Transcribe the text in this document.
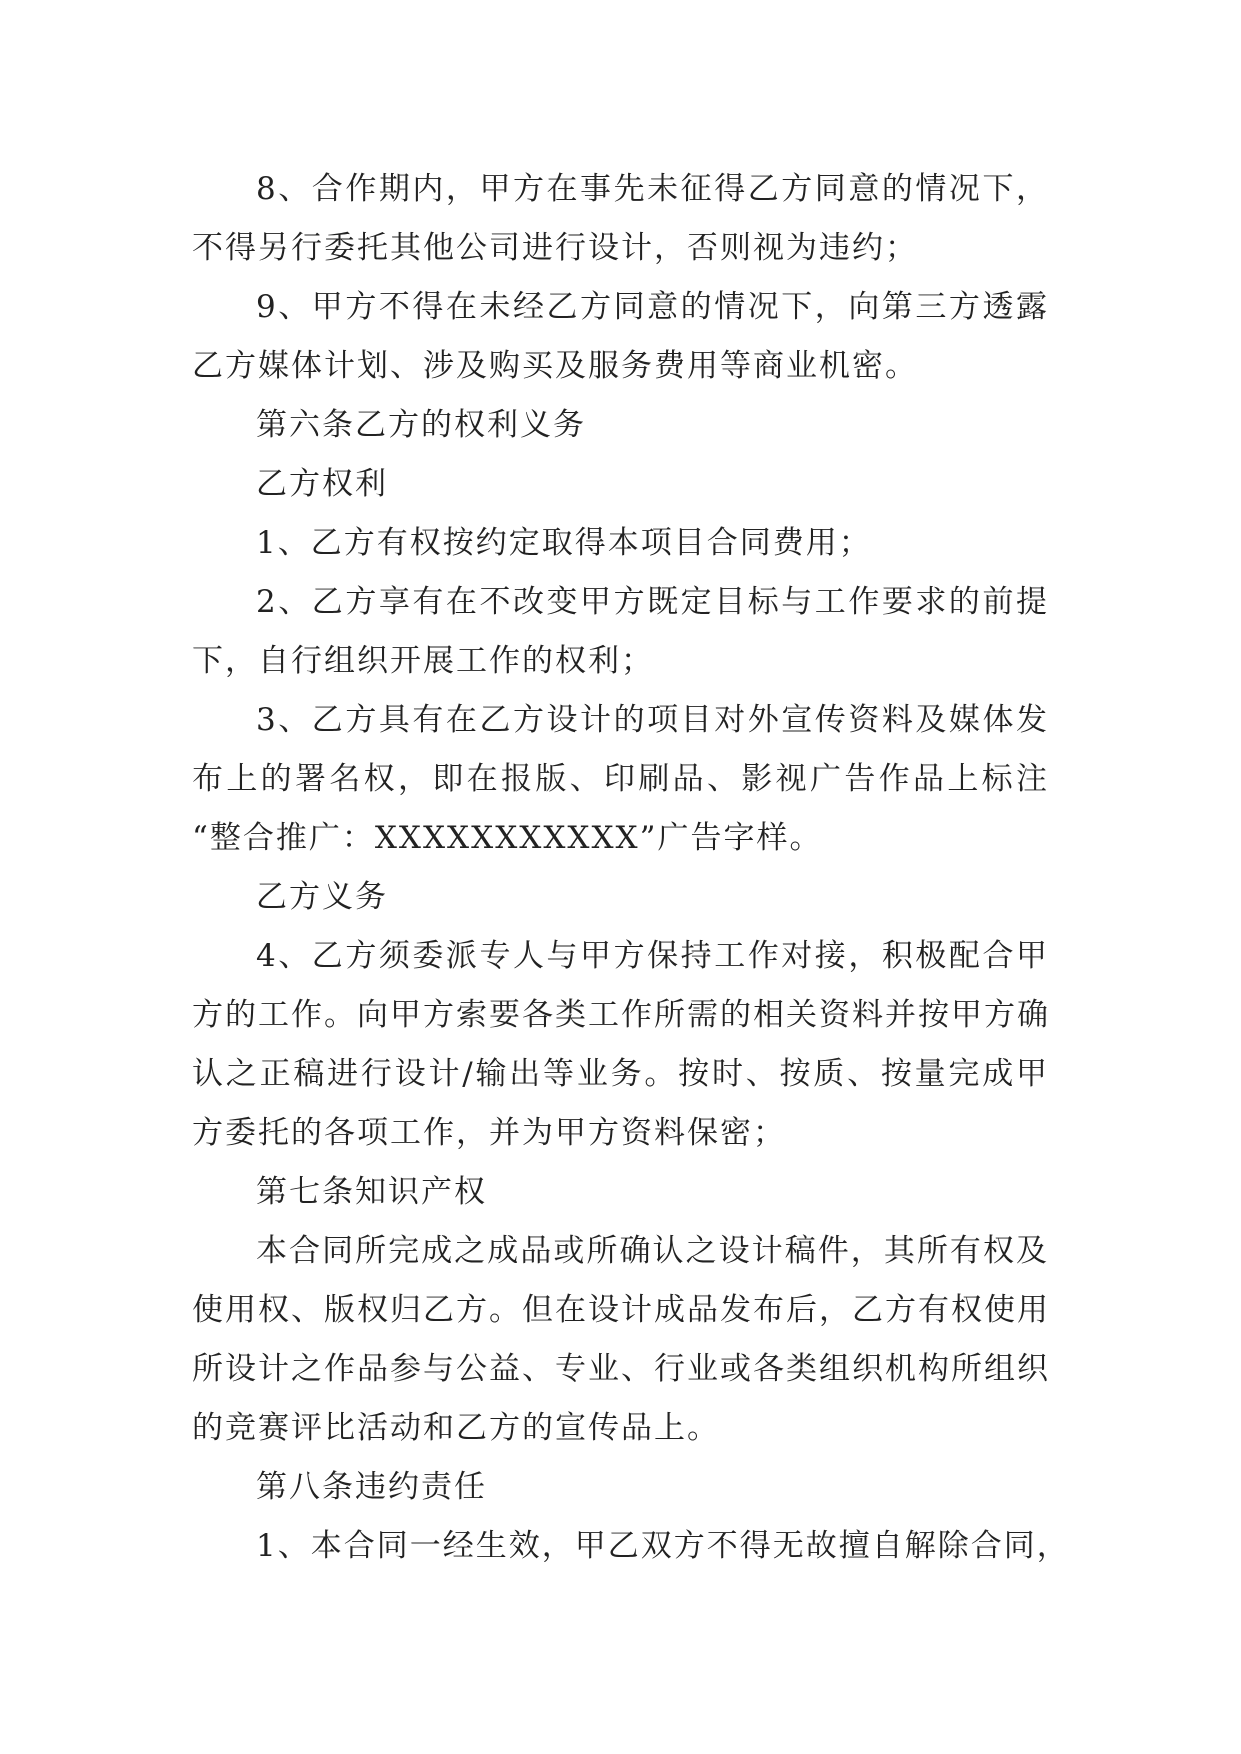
8、合作期内，甲方在事先未征得乙方同意的情况下，
不得另行委托其他公司进行设计，否则视为违约；
9、甲方不得在未经乙方同意的情况下，向第三方透露
乙方媒体计划、涉及购买及服务费用等商业机密。
第六条乙方的权利义务
乙方权利
1、乙方有权按约定取得本项目合同费用；
2、乙方享有在不改变甲方既定目标与工作要求的前提
下，自行组织开展工作的权利；
3、乙方具有在乙方设计的项目对外宣传资料及媒体发
布上的署名权，即在报版、印刷品、影视广告作品上标注
“整合推广：XXXXXXXXXXX”广告字样。
乙方义务
4、乙方须委派专人与甲方保持工作对接，积极配合甲
方的工作。向甲方索要各类工作所需的相关资料并按甲方确
认之正稿进行设计/输出等业务。按时、按质、按量完成甲
方委托的各项工作，并为甲方资料保密；
第七条知识产权
本合同所完成之成品或所确认之设计稿件，其所有权及
使用权、版权归乙方。但在设计成品发布后，乙方有权使用
所设计之作品参与公益、专业、行业或各类组织机构所组织
的竞赛评比活动和乙方的宣传品上。
第八条违约责任
1、本合同一经生效，甲乙双方不得无故擅自解除合同，
